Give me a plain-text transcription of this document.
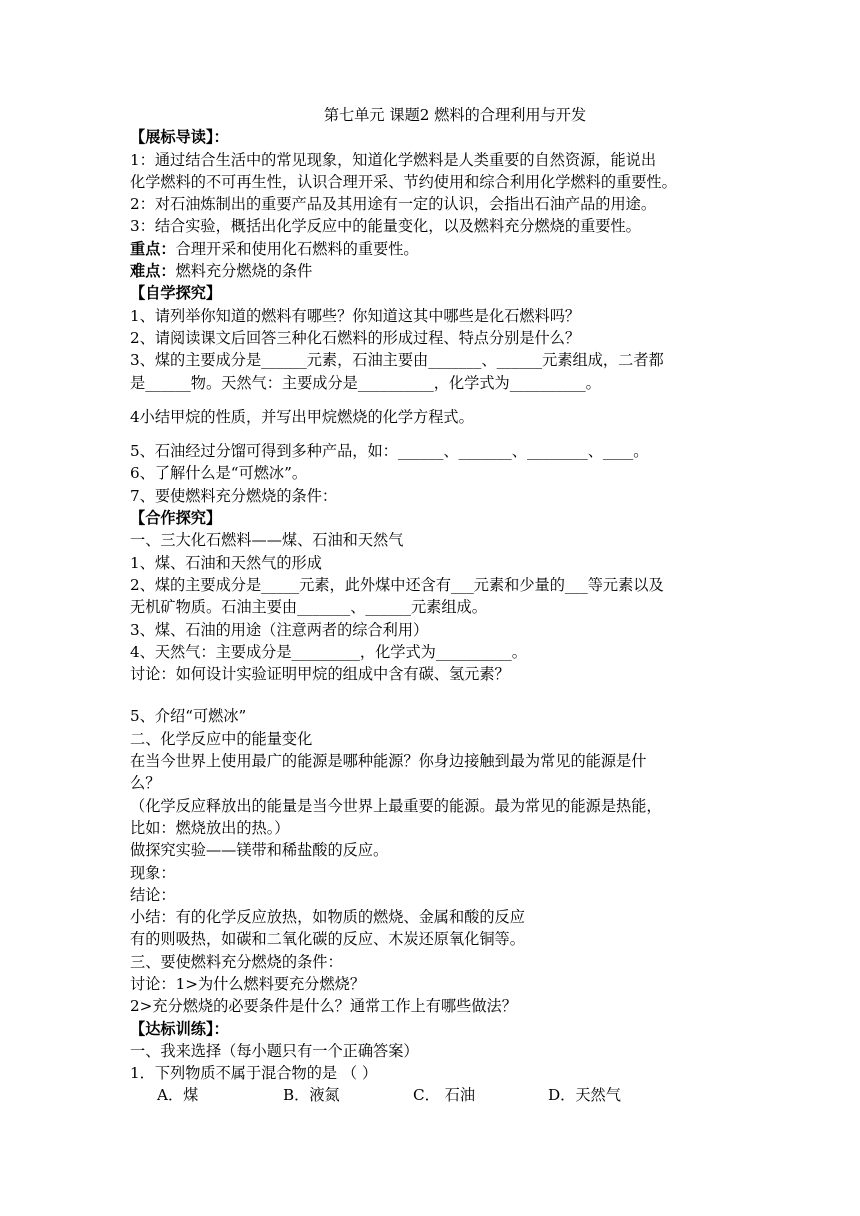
第七单元 课题2 燃料的合理利用与开发
【展标导读】：
1：通过结合生活中的常见现象，知道化学燃料是人类重要的自然资源，能说出
化学燃料的不可再生性，认识合理开采、节约使用和综合利用化学燃料的重要性。
2：对石油炼制出的重要产品及其用途有一定的认识，会指出石油产品的用途。
3：结合实验，概括出化学反应中的能量变化，以及燃料充分燃烧的重要性。
重点：合理开采和使用化石燃料的重要性。
难点：燃料充分燃烧的条件
【自学探究】
1、请列举你知道的燃料有哪些？你知道这其中哪些是化石燃料吗？
2、请阅读课文后回答三种化石燃料的形成过程、特点分别是什么？
3、煤的主要成分是______元素，石油主要由_______、______元素组成，二者都
是______物。天然气：主要成分是__________，化学式为__________。
4小结甲烷的性质，并写出甲烷燃烧的化学方程式。
5、石油经过分馏可得到多种产品，如：______、_______、________、____。
6、了解什么是“可燃冰”。
7、要使燃料充分燃烧的条件：
【合作探究】
一、三大化石燃料——煤、石油和天然气
1、煤、石油和天然气的形成
2、煤的主要成分是_____元素，此外煤中还含有___元素和少量的___等元素以及
无机矿物质。石油主要由_______、______元素组成。
3、煤、石油的用途（注意两者的综合利用）
4、天然气：主要成分是_________，化学式为__________。
讨论：如何设计实验证明甲烷的组成中含有碳、氢元素？
5、介绍“可燃冰”
二、化学反应中的能量变化
在当今世界上使用最广的能源是哪种能源？你身边接触到最为常见的能源是什
么？
（化学反应释放出的能量是当今世界上最重要的能源。最为常见的能源是热能，
比如：燃烧放出的热。）
做探究实验——镁带和稀盐酸的反应。
现象：
结论：
小结：有的化学反应放热，如物质的燃烧、金属和酸的反应
有的则吸热，如碳和二氧化碳的反应、木炭还原氧化铜等。
三、要使燃料充分燃烧的条件：
讨论：1>为什么燃料要充分燃烧？
2>充分燃烧的必要条件是什么？通常工作上有哪些做法？
【达标训练】：
一、我来选择（每小题只有一个正确答案）
1．下列物质不属于混合物的是 （ ）
A．煤	B．液氮	C． 石油	D．天然气
